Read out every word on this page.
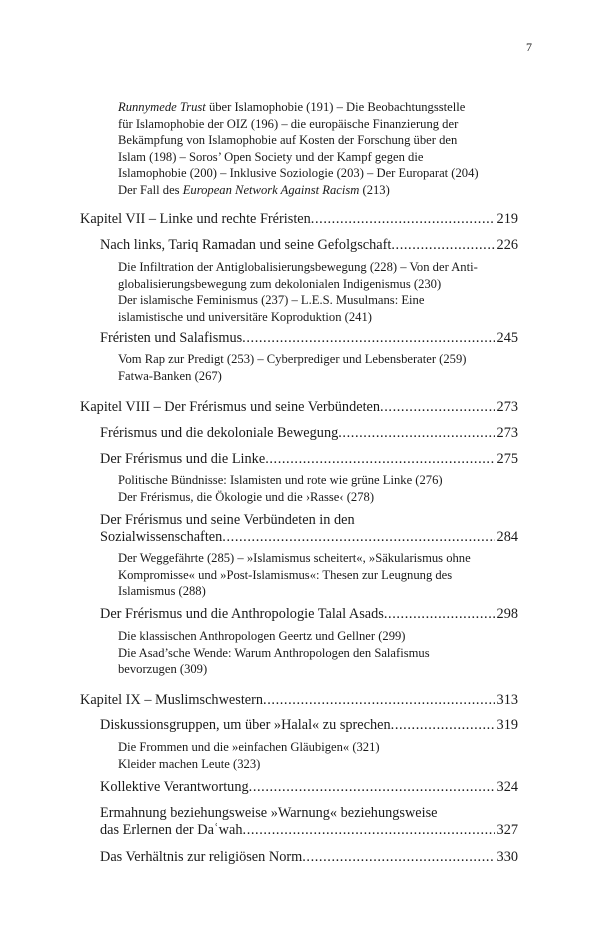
7
Runnymede Trust über Islamophobie (191) – Die Beobachtungsstelle
für Islamophobie der OIZ (196) – die europäische Finanzierung der
Bekämpfung von Islamophobie auf Kosten der Forschung über den
Islam (198) – Soros’ Open Society und der Kampf gegen die
Islamophobie (200) – Inklusive Soziologie (203) – Der Europarat (204)
Der Fall des European Network Against Racism (213)
Kapitel VII – Linke und rechte Fréristen .....	219
Nach links, Tariq Ramadan und seine Gefolgschaft .....	226
Die Infiltration der Antiglobalisierungsbewegung (228) – Von der Anti-
globalisierungsbewegung zum dekolonialen Indigenismus (230)
Der islamische Feminismus (237) – L.E.S. Musulmans: Eine
islamistische und universitäre Koproduktion (241)
Fréristen und Salafismus .....	245
Vom Rap zur Predigt (253) – Cyberprediger und Lebensberater (259)
Fatwa-Banken (267)
Kapitel VIII – Der Frérismus und seine Verbündeten .....	273
Frérismus und die dekoloniale Bewegung .....	273
Der Frérismus und die Linke .....	275
Politische Bündnisse: Islamisten und rote wie grüne Linke (276)
Der Frérismus, die Ökologie und die ›Rasse‹ (278)
Der Frérismus und seine Verbündeten in den
Sozialwissenschaften .....	284
Der Weggefährte (285) – »Islamismus scheitert«, »Säkularismus ohne
Kompromisse« und »Post-Islamismus«: Thesen zur Leugnung des
Islamismus (288)
Der Frérismus und die Anthropologie Talal Asads .....	298
Die klassischen Anthropologen Geertz und Gellner (299)
Die Asad’sche Wende: Warum Anthropologen den Salafismus
bevorzugen (309)
Kapitel IX – Muslimschwestern .....	313
Diskussionsgruppen, um über »Halal« zu sprechen .....	319
Die Frommen und die »einfachen Gläubigen« (321)
Kleider machen Leute (323)
Kollektive Verantwortung .....	324
Ermahnung beziehungsweise »Warnung« beziehungsweise
das Erlernen der Daʿwah .....	327
Das Verhältnis zur religiösen Norm .....	330
